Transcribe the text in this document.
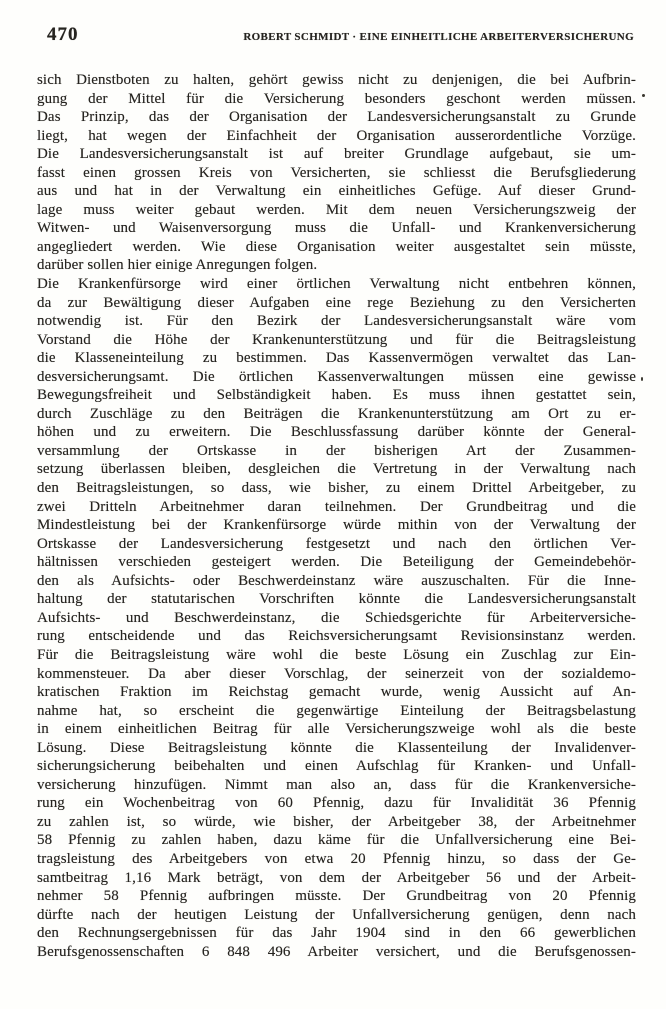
470	ROBERT SCHMIDT · EINE EINHEITLICHE ARBEITERVERSICHERUNG
sich Dienstboten zu halten, gehört gewiss nicht zu denjenigen, die bei Aufbrin-
gung der Mittel für die Versicherung besonders geschont werden müssen.
Das Prinzip, das der Organisation der Landesversicherungsanstalt zu Grunde
liegt, hat wegen der Einfachheit der Organisation ausserordentliche Vorzüge.
Die Landesversicherungsanstalt ist auf breiter Grundlage aufgebaut, sie um-
fasst einen grossen Kreis von Versicherten, sie schliesst die Berufsgliederung
aus und hat in der Verwaltung ein einheitliches Gefüge. Auf dieser Grund-
lage muss weiter gebaut werden. Mit dem neuen Versicherungszweig der
Witwen- und Waisenversorgung muss die Unfall- und Krankenversicherung
angegliedert werden. Wie diese Organisation weiter ausgestaltet sein müsste,
darüber sollen hier einige Anregungen folgen.
Die Krankenfürsorge wird einer örtlichen Verwaltung nicht entbehren können,
da zur Bewältigung dieser Aufgaben eine rege Beziehung zu den Versicherten
notwendig ist. Für den Bezirk der Landesversicherungsanstalt wäre vom
Vorstand die Höhe der Krankenunterstützung und für die Beitragsleistung
die Klasseneinteilung zu bestimmen. Das Kassenvermögen verwaltet das Lan-
desversicherungsamt. Die örtlichen Kassenverwaltungen müssen eine gewisse
Bewegungsfreiheit und Selbständigkeit haben. Es muss ihnen gestattet sein,
durch Zuschläge zu den Beiträgen die Krankenunterstützung am Ort zu er-
höhen und zu erweitern. Die Beschlussfassung darüber könnte der General-
versammlung der Ortskasse in der bisherigen Art der Zusammen-
setzung überlassen bleiben, desgleichen die Vertretung in der Verwaltung nach
den Beitragsleistungen, so dass, wie bisher, zu einem Drittel Arbeitgeber, zu
zwei Dritteln Arbeitnehmer daran teilnehmen. Der Grundbeitrag und die
Mindestleistung bei der Krankenfürsorge würde mithin von der Verwaltung der
Ortskasse der Landesversicherung festgesetzt und nach den örtlichen Ver-
hältnissen verschieden gesteigert werden. Die Beteiligung der Gemeindebehör-
den als Aufsichts- oder Beschwerdeinstanz wäre auszuschalten. Für die Inne-
haltung der statutarischen Vorschriften könnte die Landesversicherungsanstalt
Aufsichts- und Beschwerdeinstanz, die Schiedsgerichte für Arbeiterversiche-
rung entscheidende und das Reichsversicherungsamt Revisionsinstanz werden.
Für die Beitragsleistung wäre wohl die beste Lösung ein Zuschlag zur Ein-
kommensteuer. Da aber dieser Vorschlag, der seinerzeit von der sozialdemo-
kratischen Fraktion im Reichstag gemacht wurde, wenig Aussicht auf An-
nahme hat, so erscheint die gegenwärtige Einteilung der Beitragsbelastung
in einem einheitlichen Beitrag für alle Versicherungszweige wohl als die beste
Lösung. Diese Beitragsleistung könnte die Klassenteilung der Invalidenver-
sicherungsicherung beibehalten und einen Aufschlag für Kranken- und Unfall-
versicherung hinzufügen. Nimmt man also an, dass für die Krankenversiche-
rung ein Wochenbeitrag von 60 Pfennig, dazu für Invalidität 36 Pfennig
zu zahlen ist, so würde, wie bisher, der Arbeitgeber 38, der Arbeitnehmer
58 Pfennig zu zahlen haben, dazu käme für die Unfallversicherung eine Bei-
tragsleistung des Arbeitgebers von etwa 20 Pfennig hinzu, so dass der Ge-
samtbeitrag 1,16 Mark beträgt, von dem der Arbeitgeber 56 und der Arbeit-
nehmer 58 Pfennig aufbringen müsste. Der Grundbeitrag von 20 Pfennig
dürfte nach der heutigen Leistung der Unfallversicherung genügen, denn nach
den Rechnungsergebnissen für das Jahr 1904 sind in den 66 gewerblichen
Berufsgenossenschaften 6 848 496 Arbeiter versichert, und die Berufsgenossen-
